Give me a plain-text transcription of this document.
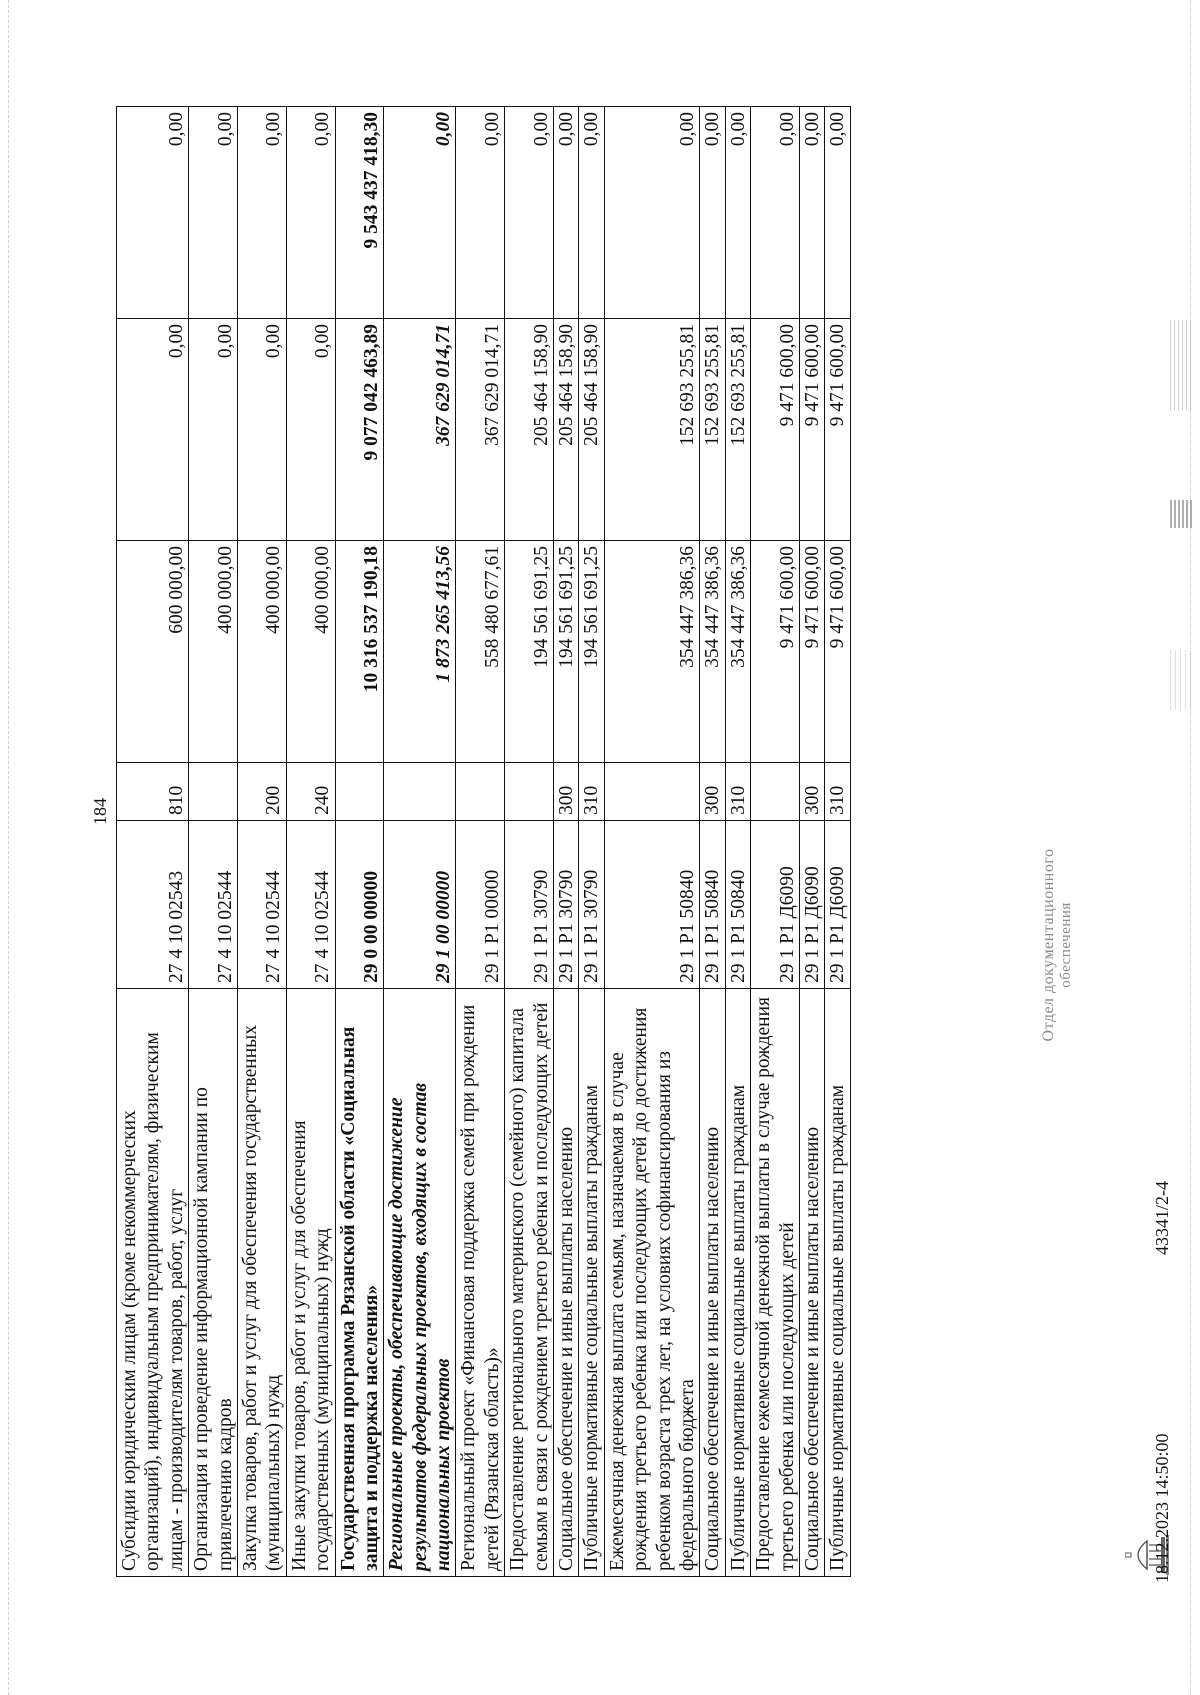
184
Субсидии юридическим лицам (кроме некоммерческих организаций), индивидуальным предпринимателям, физическим лицам - производителям товаров, работ, услуг	27 4 10 02543	810	600 000,00	0,00	0,00
Организация и проведение информационной кампании по привлечению кадров	27 4 10 02544		400 000,00	0,00	0,00
Закупка товаров, работ и услуг для обеспечения государственных (муниципальных) нужд	27 4 10 02544	200	400 000,00	0,00	0,00
Иные закупки товаров, работ и услуг для обеспечения государственных (муниципальных) нужд	27 4 10 02544	240	400 000,00	0,00	0,00
Государственная программа Рязанской области «Социальная защита и поддержка населения»	29 0 00 00000		10 316 537 190,18	9 077 042 463,89	9 543 437 418,30
Региональные проекты, обеспечивающие достижение результатов федеральных проектов, входящих в состав национальных проектов	29 1 00 00000		1 873 265 413,56	367 629 014,71	0,00
Региональный проект «Финансовая поддержка семей при рождении детей (Рязанская область)»	29 1 P1 00000		558 480 677,61	367 629 014,71	0,00
Предоставление регионального материнского (семейного) капитала семьям в связи с рождением третьего ребенка и последующих детей	29 1 P1 30790		194 561 691,25	205 464 158,90	0,00
Социальное обеспечение и иные выплаты населению	29 1 P1 30790	300	194 561 691,25	205 464 158,90	0,00
Публичные нормативные социальные выплаты гражданам	29 1 P1 30790	310	194 561 691,25	205 464 158,90	0,00
Ежемесячная денежная выплата семьям, назначаемая в случае рождения третьего ребенка или последующих детей до достижения ребенком возраста трех лет, на условиях софинансирования из федерального бюджета	29 1 P1 50840		354 447 386,36	152 693 255,81	0,00
Социальное обеспечение и иные выплаты населению	29 1 P1 50840	300	354 447 386,36	152 693 255,81	0,00
Публичные нормативные социальные выплаты гражданам	29 1 P1 50840	310	354 447 386,36	152 693 255,81	0,00
Предоставление ежемесячной денежной выплаты в случае рождения третьего ребенка или последующих детей	29 1 P1 Д6090		9 471 600,00	9 471 600,00	0,00
Социальное обеспечение и иные выплаты населению	29 1 P1 Д6090	300	9 471 600,00	9 471 600,00	0,00
Публичные нормативные социальные выплаты гражданам	29 1 P1 Д6090	310	9 471 600,00	9 471 600,00	0,00
Отдел документационного обеспечения
18.12.2023 14:50:00
43341/2-4
